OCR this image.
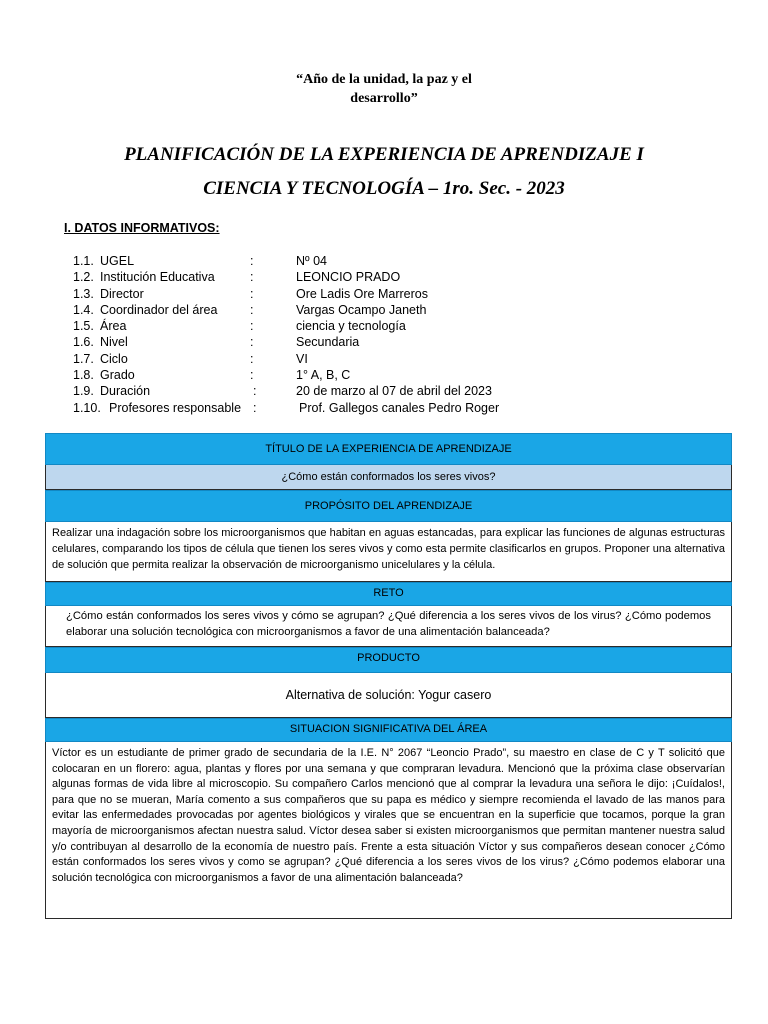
“Año de la unidad, la paz y el
desarrollo”
PLANIFICACIÓN DE LA EXPERIENCIA DE APRENDIZAJE I
CIENCIA Y TECNOLOGÍA – 1ro. Sec. - 2023
I. DATOS INFORMATIVOS:
1.1. UGEL	:	Nº 04
1.2. Institución Educativa	:	LEONCIO PRADO
1.3. Director	:	Ore Ladis Ore Marreros
1.4. Coordinador del área	:	Vargas Ocampo Janeth
1.5. Área	:	ciencia y tecnología
1.6. Nivel	:	Secundaria
1.7. Ciclo	:	VI
1.8. Grado	:	1° A, B, C
1.9. Duración	:	20 de marzo al 07 de abril del 2023
1.10. Profesores responsable :	Prof. Gallegos canales Pedro Roger
TÍTULO DE LA EXPERIENCIA DE APRENDIZAJE
¿Cómo están conformados los seres vivos?
PROPÓSITO DEL APRENDIZAJE
Realizar una indagación sobre los microorganismos que habitan en aguas estancadas, para explicar las funciones de algunas estructuras celulares, comparando los tipos de célula que tienen los seres vivos y como esta permite clasificarlos en grupos. Proponer una alternativa de solución que permita realizar la observación de microorganismo unicelulares y la célula.
RETO
¿Cómo están conformados los seres vivos y cómo se agrupan? ¿Qué diferencia a los seres vivos de los virus? ¿Cómo podemos elaborar una solución tecnológica con microorganismos a favor de una alimentación balanceada?
PRODUCTO
Alternativa de solución: Yogur casero
SITUACION SIGNIFICATIVA DEL ÁREA
Víctor es un estudiante de primer grado de secundaria de la I.E. N° 2067 “Leoncio Prado”, su maestro en clase de C y T solicitó que colocaran en un florero: agua, plantas y flores por una semana y que compraran levadura. Mencionó que la próxima clase observarían algunas formas de vida libre al microscopio. Su compañero Carlos mencionó que al comprar la levadura una señora le dijo: ¡Cuídalos!, para que no se mueran, María comento a sus compañeros que su papa es médico y siempre recomienda el lavado de las manos para evitar las enfermedades provocadas por agentes biológicos y virales que se encuentran en la superficie que tocamos, porque la gran mayoría de microorganismos afectan nuestra salud. Víctor desea saber si existen microorganismos que permitan mantener nuestra salud y/o contribuyan al desarrollo de la economía de nuestro país. Frente a esta situación Víctor y sus compañeros desean conocer ¿Cómo están conformados los seres vivos y como se agrupan? ¿Qué diferencia a los seres vivos de los virus? ¿Cómo podemos elaborar una solución tecnológica con microorganismos a favor de una alimentación balanceada?
